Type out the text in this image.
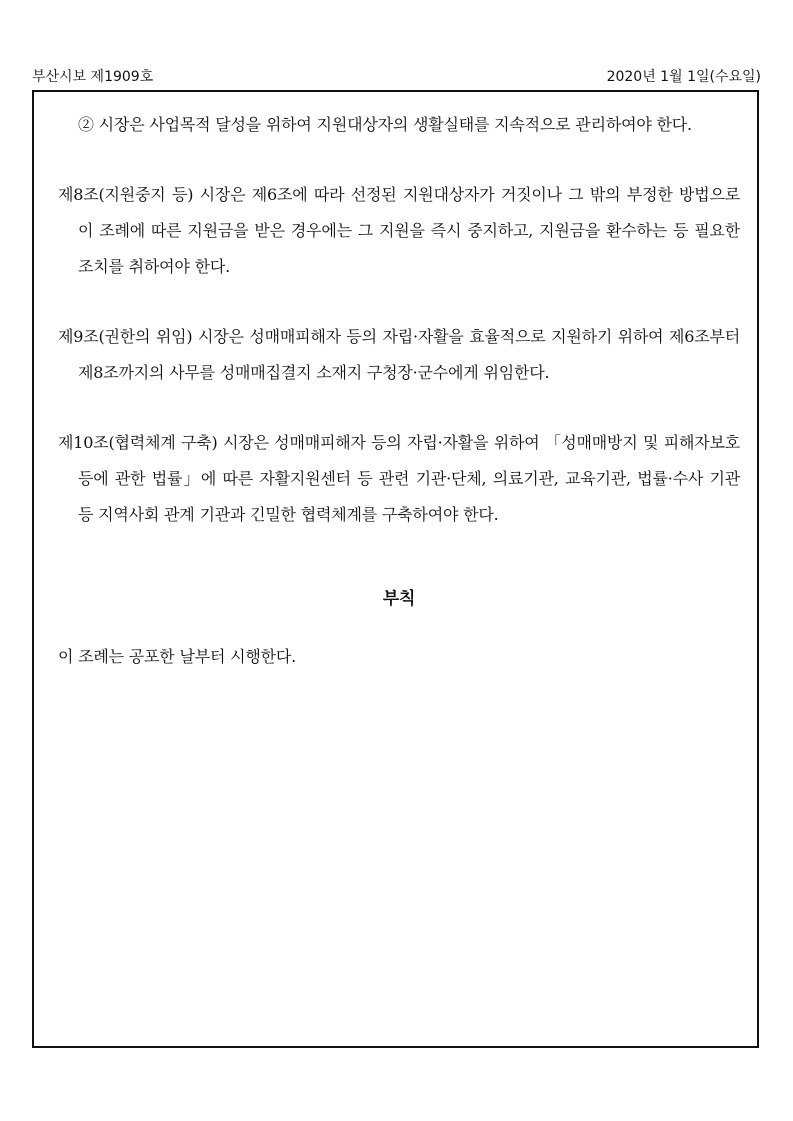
부산시보 제1909호	2020년 1월 1일(수요일)

② 시장은 사업목적 달성을 위하여 지원대상자의 생활실태를 지속적으로 관리하여야 한다.

제8조(지원중지 등) 시장은 제6조에 따라 선정된 지원대상자가 거짓이나 그 밖의 부정한 방법으로 이 조례에 따른 지원금을 받은 경우에는 그 지원을 즉시 중지하고, 지원금을 환수하는 등 필요한 조치를 취하여야 한다.

제9조(권한의 위임) 시장은 성매매피해자 등의 자립·자활을 효율적으로 지원하기 위하여 제6조부터 제8조까지의 사무를 성매매집결지 소재지 구청장·군수에게 위임한다.

제10조(협력체계 구축) 시장은 성매매피해자 등의 자립·자활을 위하여 「성매매방지 및 피해자보호 등에 관한 법률」에 따른 자활지원센터 등 관련 기관·단체, 의료기관, 교육기관, 법률·수사 기관 등 지역사회 관계 기관과 긴밀한 협력체계를 구축하여야 한다.

부칙

이 조례는 공포한 날부터 시행한다.
